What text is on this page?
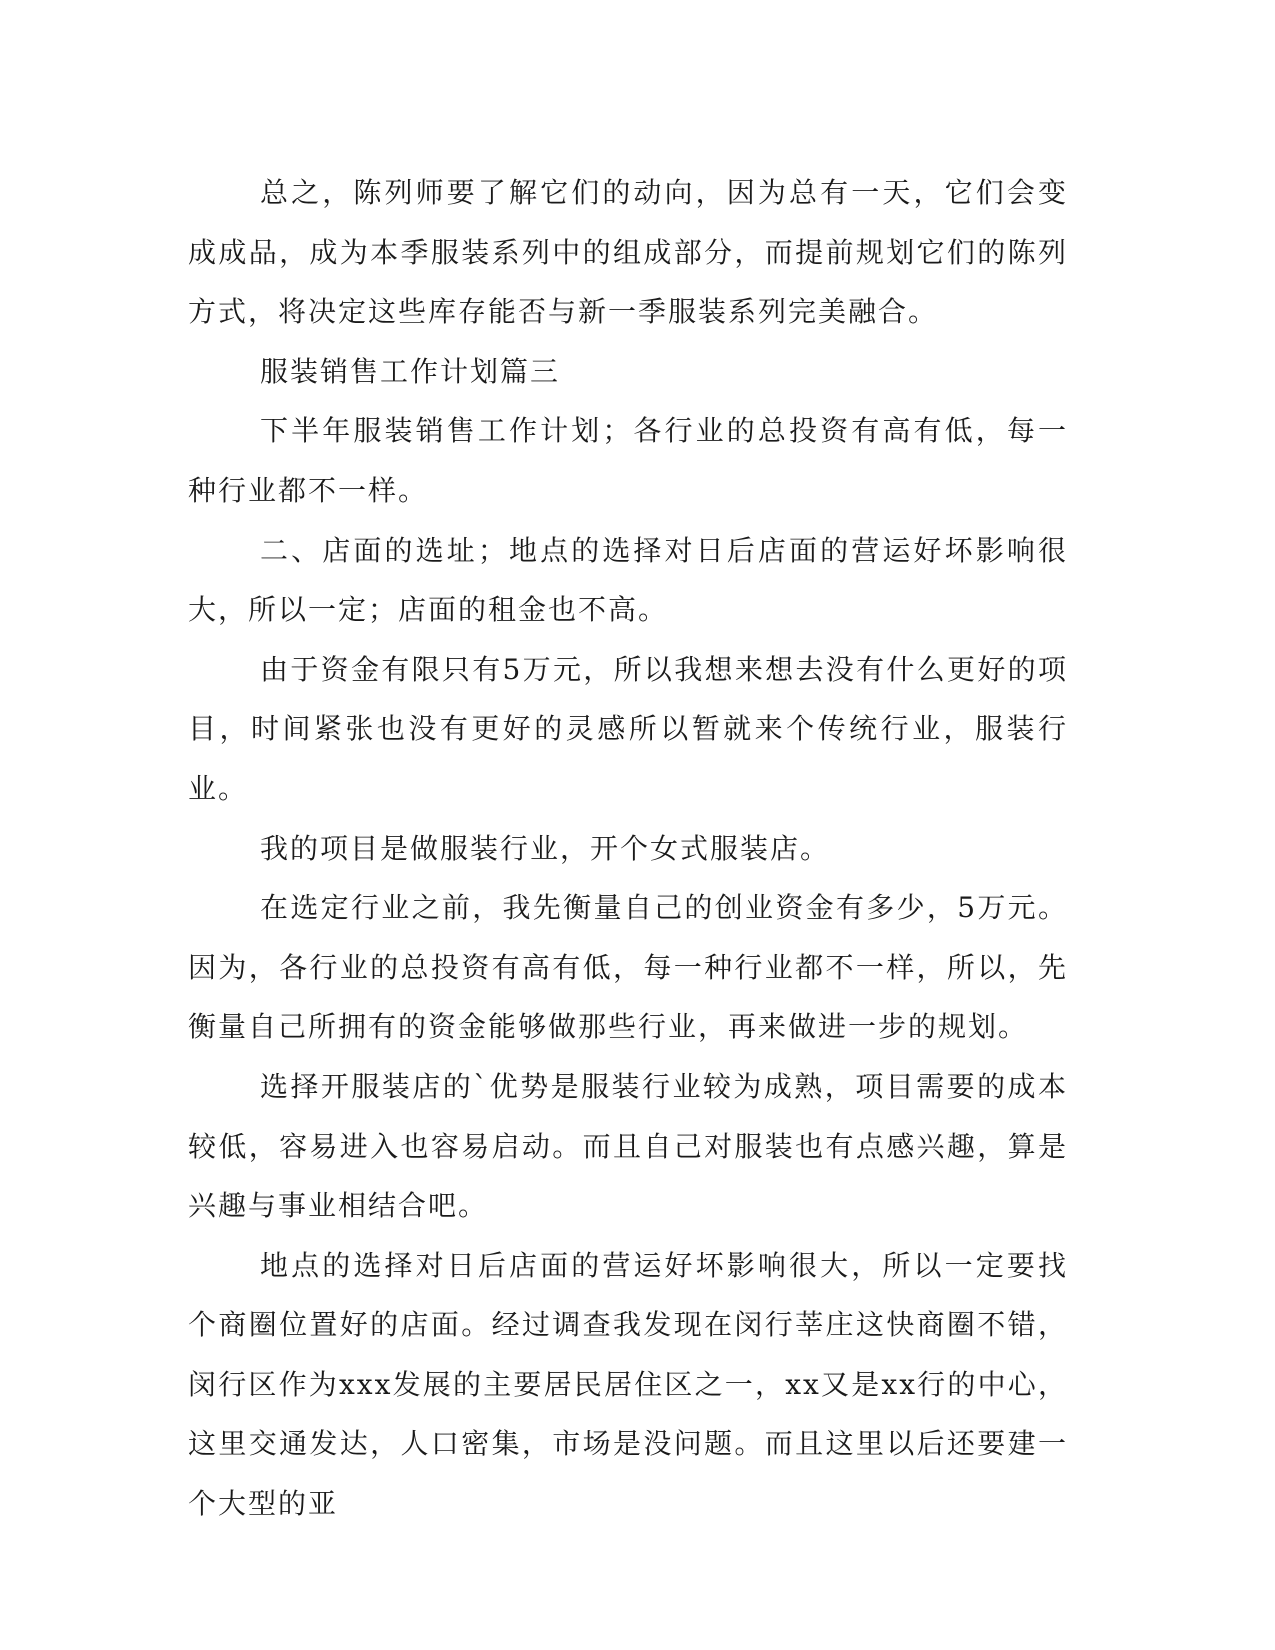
总之，陈列师要了解它们的动向，因为总有一天，它们会变成成品，成为本季服装系列中的组成部分，而提前规划它们的陈列方式，将决定这些库存能否与新一季服装系列完美融合。

服装销售工作计划篇三

下半年服装销售工作计划；各行业的总投资有高有低，每一种行业都不一样。

二、店面的选址；地点的选择对日后店面的营运好坏影响很大，所以一定；店面的租金也不高。

由于资金有限只有5万元，所以我想来想去没有什么更好的项目，时间紧张也没有更好的灵感所以暂就来个传统行业，服装行业。

我的项目是做服装行业，开个女式服装店。

在选定行业之前，我先衡量自己的创业资金有多少，5万元。因为，各行业的总投资有高有低，每一种行业都不一样，所以，先衡量自己所拥有的资金能够做那些行业，再来做进一步的规划。

选择开服装店的`优势是服装行业较为成熟，项目需要的成本较低，容易进入也容易启动。而且自己对服装也有点感兴趣，算是兴趣与事业相结合吧。

地点的选择对日后店面的营运好坏影响很大，所以一定要找个商圈位置好的店面。经过调查我发现在闵行莘庄这快商圈不错，闵行区作为xxx发展的主要居民居住区之一，xx又是xx行的中心，这里交通发达，人口密集，市场是没问题。而且这里以后还要建一个大型的亚
